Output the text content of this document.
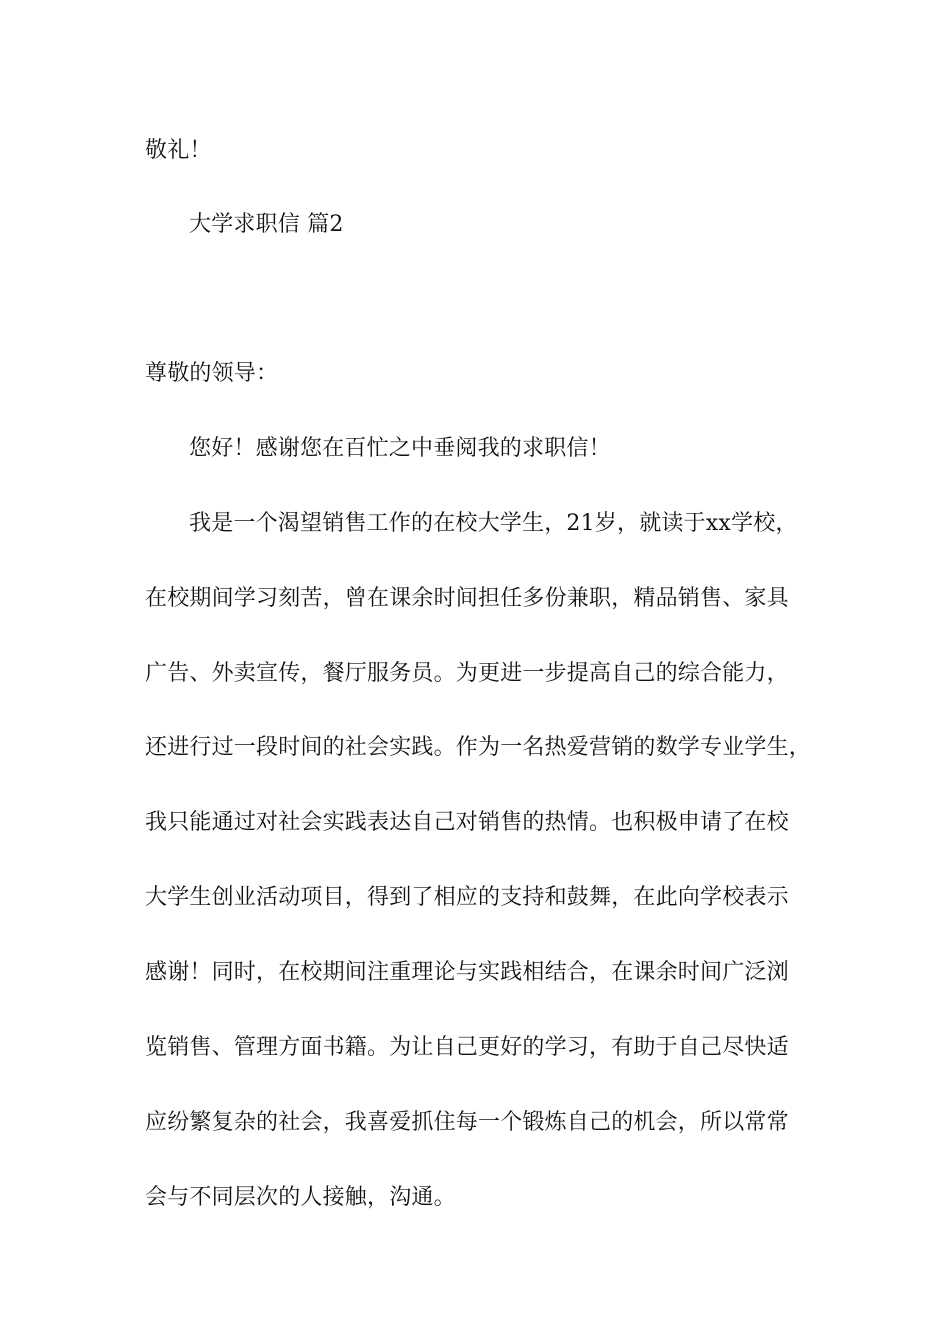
敬礼！
大学求职信 篇2
尊敬的领导：
您好！感谢您在百忙之中垂阅我的求职信！
我是一个渴望销售工作的在校大学生，21岁，就读于xx学校，
在校期间学习刻苦，曾在课余时间担任多份兼职，精品销售、家具
广告、外卖宣传，餐厅服务员。为更进一步提高自己的综合能力，
还进行过一段时间的社会实践。作为一名热爱营销的数学专业学生，
我只能通过对社会实践表达自己对销售的热情。也积极申请了在校
大学生创业活动项目，得到了相应的支持和鼓舞，在此向学校表示
感谢！同时，在校期间注重理论与实践相结合，在课余时间广泛浏
览销售、管理方面书籍。为让自己更好的学习，有助于自己尽快适
应纷繁复杂的社会，我喜爱抓住每一个锻炼自己的机会，所以常常
会与不同层次的人接触，沟通。
